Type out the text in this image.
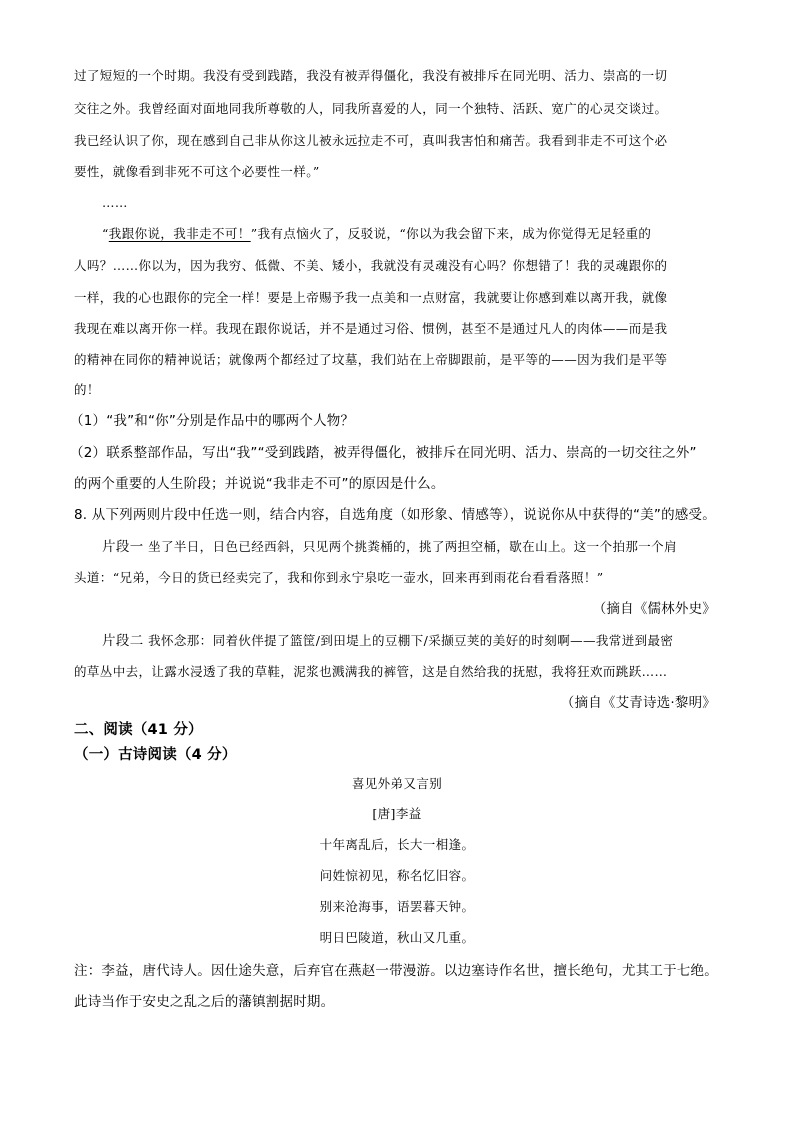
过了短短的一个时期。我没有受到践踏，我没有被弄得僵化，我没有被排斥在同光明、活力、崇高的一切
交往之外。我曾经面对面地同我所尊敬的人，同我所喜爱的人，同一个独特、活跃、宽广的心灵交谈过。
我已经认识了你，现在感到自己非从你这儿被永远拉走不可，真叫我害怕和痛苦。我看到非走不可这个必
要性，就像看到非死不可这个必要性一样。”
……
“我跟你说，我非走不可！”我有点恼火了，反驳说，“你以为我会留下来，成为你觉得无足轻重的
人吗？……你以为，因为我穷、低微、不美、矮小，我就没有灵魂没有心吗？你想错了！我的灵魂跟你的
一样，我的心也跟你的完全一样！要是上帝赐予我一点美和一点财富，我就要让你感到难以离开我，就像
我现在难以离开你一样。我现在跟你说话，并不是通过习俗、惯例，甚至不是通过凡人的肉体——而是我
的精神在同你的精神说话；就像两个都经过了坟墓，我们站在上帝脚跟前，是平等的——因为我们是平等
的！
（1）“我”和“你”分别是作品中的哪两个人物？
（2）联系整部作品，写出“我”“受到践踏，被弄得僵化，被排斥在同光明、活力、崇高的一切交往之外”
的两个重要的人生阶段；并说说“我非走不可”的原因是什么。
8. 从下列两则片段中任选一则，结合内容，自选角度（如形象、情感等），说说你从中获得的“美”的感受。
片段一 坐了半日，日色已经西斜，只见两个挑粪桶的，挑了两担空桶，歇在山上。这一个拍那一个肩
头道：“兄弟，今日的货已经卖完了，我和你到永宁泉吃一壶水，回来再到雨花台看看落照！”
（摘自《儒林外史》
片段二 我怀念那：同着伙伴提了篮筐/到田堤上的豆棚下/采撷豆荚的美好的时刻啊——我常迸到最密
的草丛中去，让露水浸透了我的草鞋，泥浆也溅满我的裤管，这是自然给我的抚慰，我将狂欢而跳跃……
（摘自《艾青诗选·黎明》
二、阅读（41 分）
（一）古诗阅读（4 分）
喜见外弟又言别
[唐]李益
十年离乱后，长大一相逢。
问姓惊初见，称名忆旧容。
别来沧海事，语罢暮天钟。
明日巴陵道，秋山又几重。
注：李益，唐代诗人。因仕途失意，后弃官在燕赵一带漫游。以边塞诗作名世，擅长绝句，尤其工于七绝。
此诗当作于安史之乱之后的藩镇割据时期。
